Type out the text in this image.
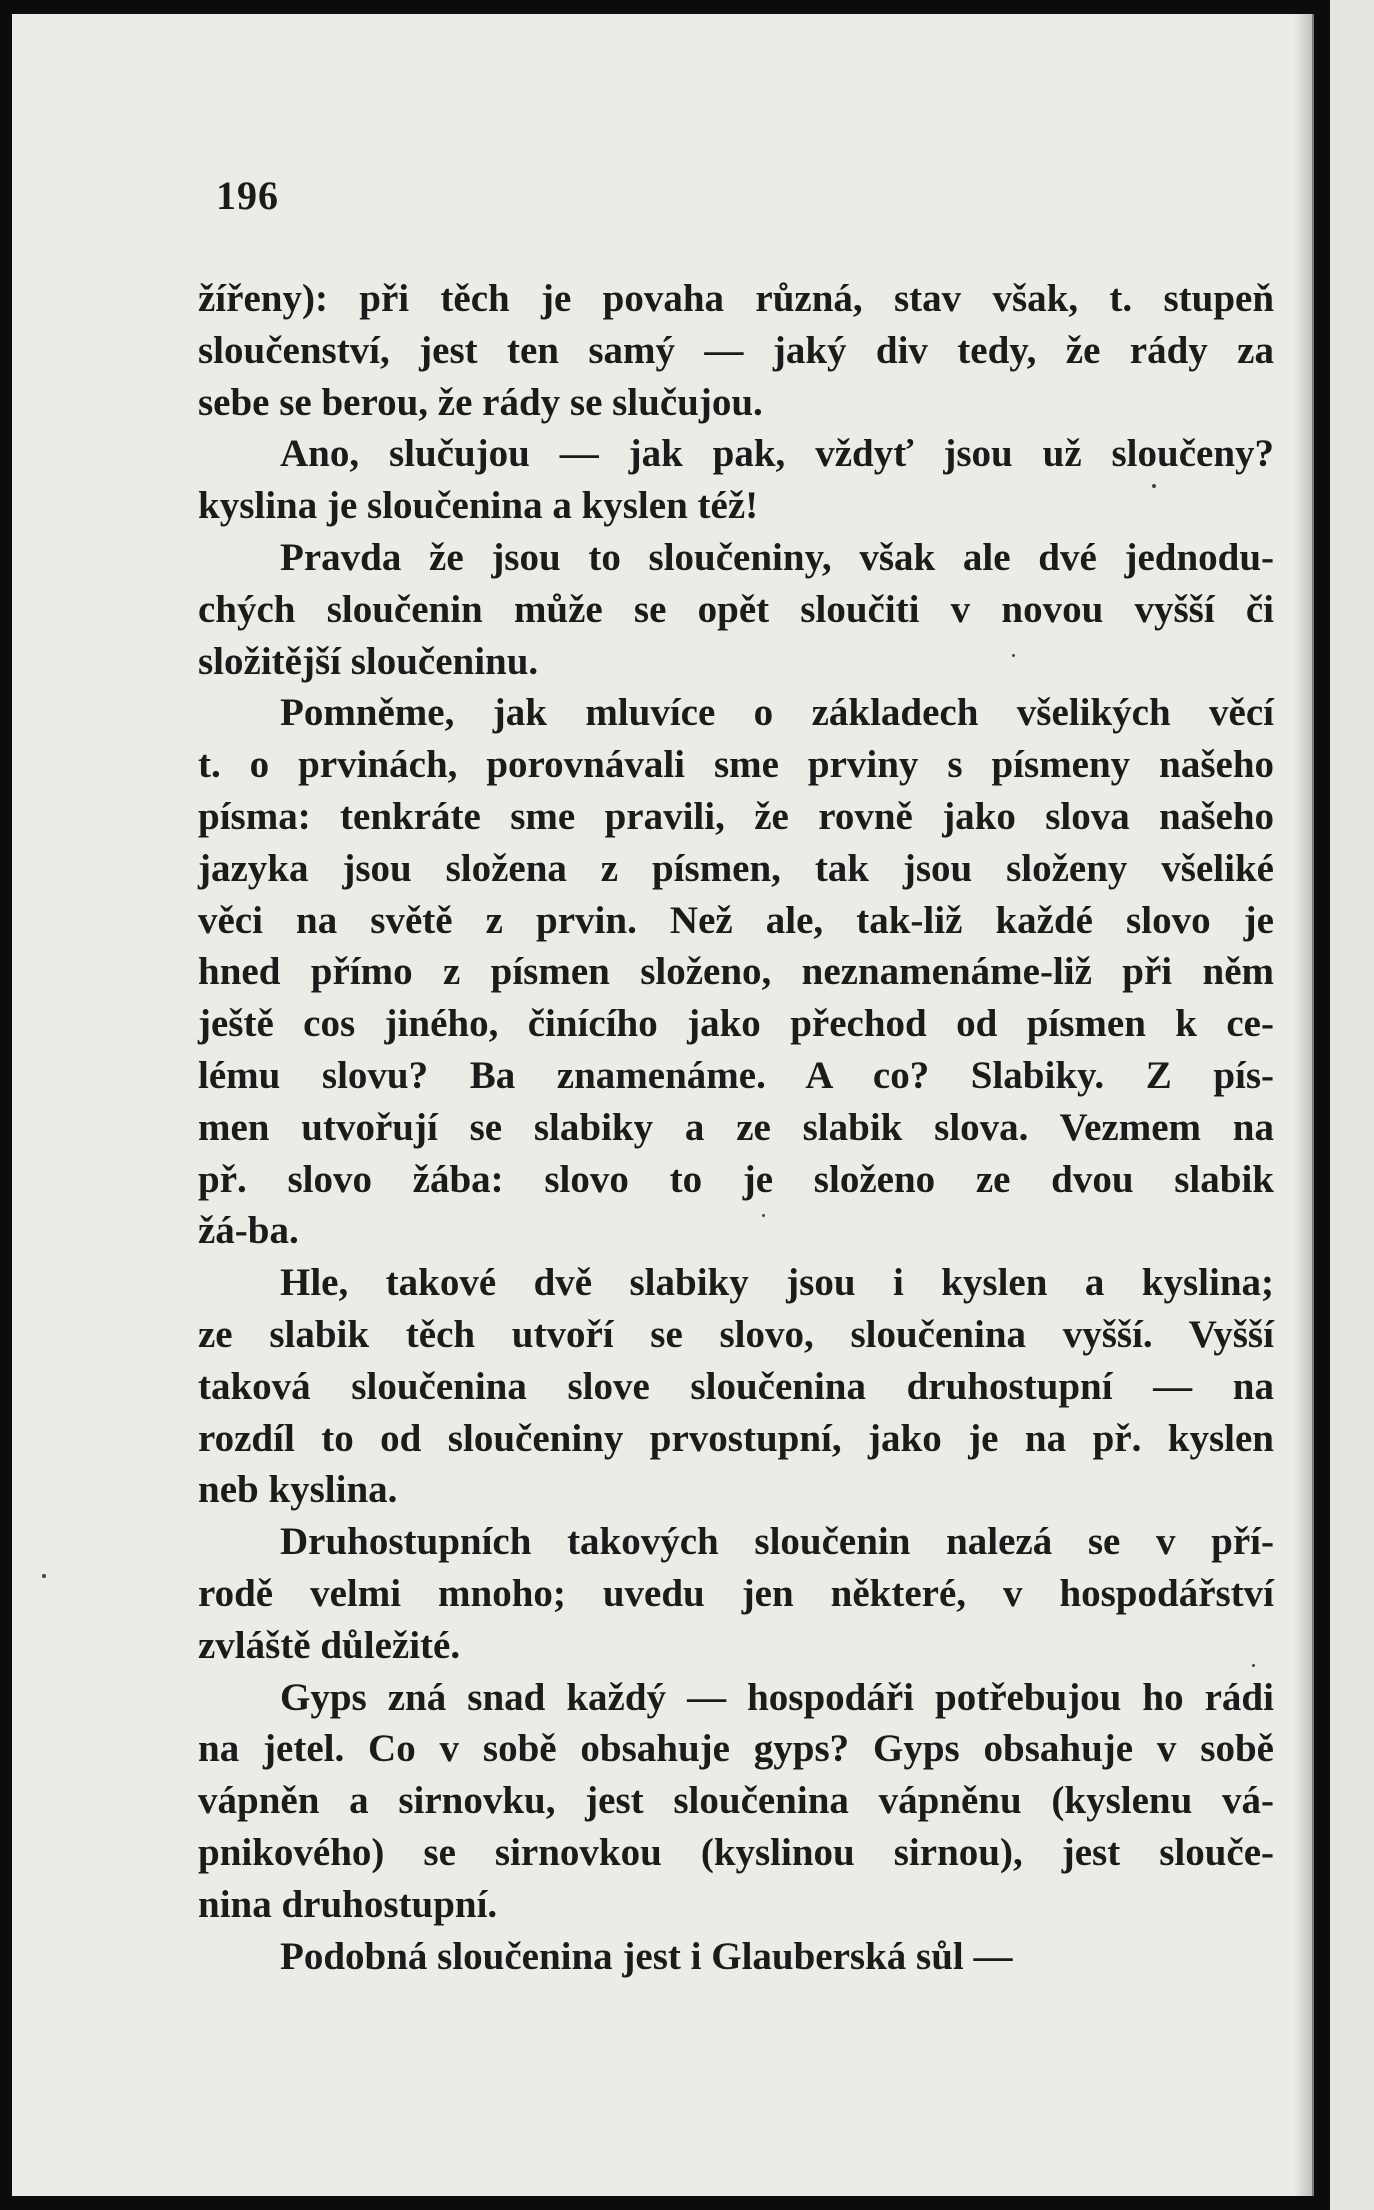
196
žířeny): při těch je povaha různá, stav však, t. stupeň
sloučenství, jest ten samý — jaký div tedy, že rády za
sebe se berou, že rády se slučujou.
Ano, slučujou — jak pak, vždyť jsou už sloučeny?
kyslina je sloučenina a kyslen též!
Pravda že jsou to sloučeniny, však ale dvé jednodu-
chých sloučenin může se opět sloučiti v novou vyšší či
složitější sloučeninu.
Pomněme, jak mluvíce o základech všelikých věcí
t. o prvinách, porovnávali sme prviny s písmeny našeho
písma: tenkráte sme pravili, že rovně jako slova našeho
jazyka jsou složena z písmen, tak jsou složeny všeliké
věci na světě z prvin. Než ale, tak-liž každé slovo je
hned přímo z písmen složeno, neznamenáme-liž při něm
ještě cos jiného, činícího jako přechod od písmen k ce-
lému slovu? Ba znamenáme. A co? Slabiky. Z pís-
men utvořují se slabiky a ze slabik slova. Vezmem na
př. slovo žába: slovo to je složeno ze dvou slabik
žá-ba.
Hle, takové dvě slabiky jsou i kyslen a kyslina;
ze slabik těch utvoří se slovo, sloučenina vyšší. Vyšší
taková sloučenina slove sloučenina druhostupní — na
rozdíl to od sloučeniny prvostupní, jako je na př. kyslen
neb kyslina.
Druhostupních takových sloučenin nalezá se v pří-
rodě velmi mnoho; uvedu jen některé, v hospodářství
zvláště důležité.
Gyps zná snad každý — hospodáři potřebujou ho rádi
na jetel. Co v sobě obsahuje gyps? Gyps obsahuje v sobě
vápněn a sirnovku, jest sloučenina vápněnu (kyslenu vá-
pnikového) se sirnovkou (kyslinou sirnou), jest slouče-
nina druhostupní.
Podobná sloučenina jest i Glauberská sůl —
